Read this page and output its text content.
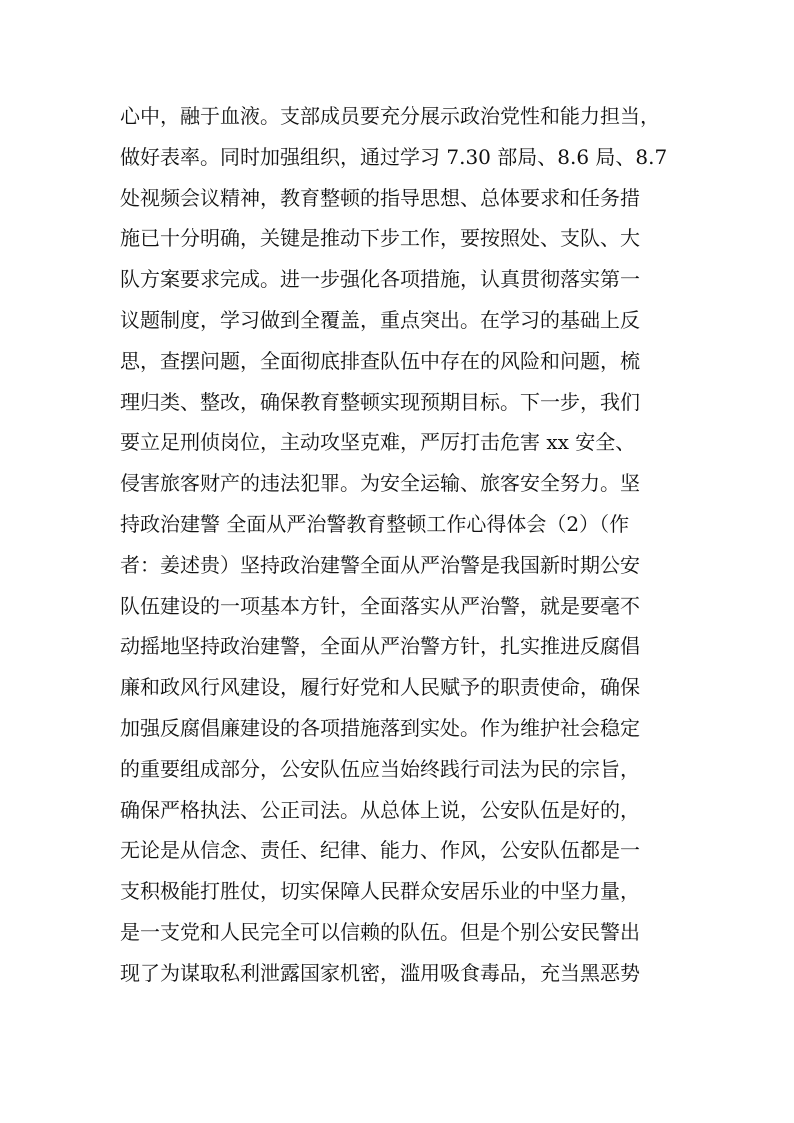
心中，融于血液。支部成员要充分展示政治党性和能力担当，
做好表率。同时加强组织，通过学习 7.30 部局、8.6 局、8.7
处视频会议精神，教育整顿的指导思想、总体要求和任务措
施已十分明确，关键是推动下步工作，要按照处、支队、大
队方案要求完成。进一步强化各项措施，认真贯彻落实第一
议题制度，学习做到全覆盖，重点突出。在学习的基础上反
思，查摆问题，全面彻底排查队伍中存在的风险和问题，梳
理归类、整改，确保教育整顿实现预期目标。下一步，我们
要立足刑侦岗位，主动攻坚克难，严厉打击危害 xx 安全、
侵害旅客财产的违法犯罪。为安全运输、旅客安全努力。坚
持政治建警 全面从严治警教育整顿工作心得体会（2）（作
者：姜述贵）坚持政治建警全面从严治警是我国新时期公安
队伍建设的一项基本方针，全面落实从严治警，就是要毫不
动摇地坚持政治建警，全面从严治警方针，扎实推进反腐倡
廉和政风行风建设，履行好党和人民赋予的职责使命，确保
加强反腐倡廉建设的各项措施落到实处。作为维护社会稳定
的重要组成部分，公安队伍应当始终践行司法为民的宗旨，
确保严格执法、公正司法。从总体上说，公安队伍是好的，
无论是从信念、责任、纪律、能力、作风，公安队伍都是一
支积极能打胜仗，切实保障人民群众安居乐业的中坚力量，
是一支党和人民完全可以信赖的队伍。但是个别公安民警出
现了为谋取私利泄露国家机密，滥用吸食毒品，充当黑恶势
